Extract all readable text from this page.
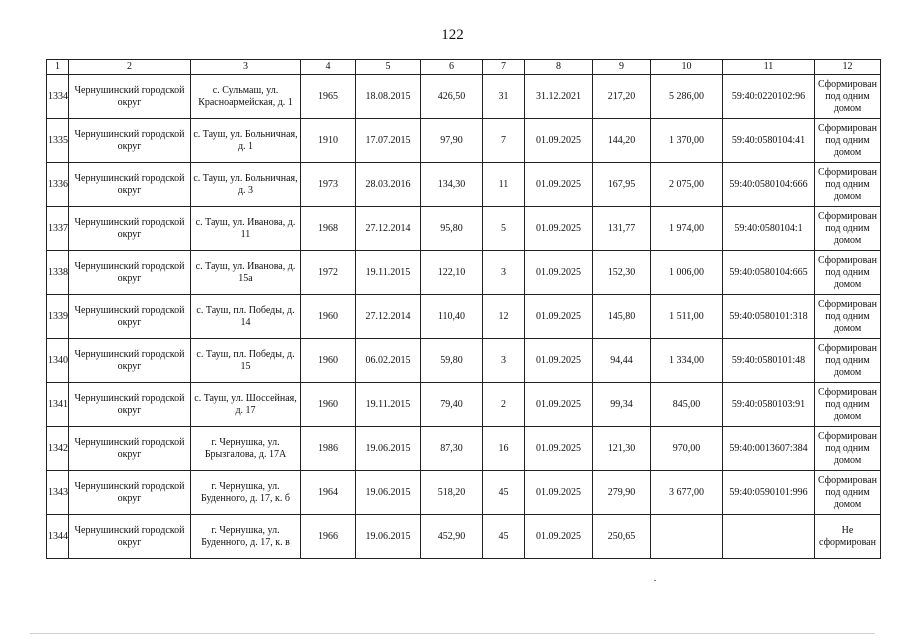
122
1	2	3	4	5	6	7	8	9	10	11	12
1334	Чернушинский городской округ	с. Сульмаш, ул. Красноармейская, д. 1	1965	18.08.2015	426,50	31	31.12.2021	217,20	5 286,00	59:40:0220102:96	Сформирован под одним домом
1335	Чернушинский городской округ	с. Тауш, ул. Больничная, д. 1	1910	17.07.2015	97,90	7	01.09.2025	144,20	1 370,00	59:40:0580104:41	Сформирован под одним домом
1336	Чернушинский городской округ	с. Тауш, ул. Больничная, д. 3	1973	28.03.2016	134,30	11	01.09.2025	167,95	2 075,00	59:40:0580104:666	Сформирован под одним домом
1337	Чернушинский городской округ	с. Тауш, ул. Иванова, д. 11	1968	27.12.2014	95,80	5	01.09.2025	131,77	1 974,00	59:40:0580104:1	Сформирован под одним домом
1338	Чернушинский городской округ	с. Тауш, ул. Иванова, д. 15а	1972	19.11.2015	122,10	3	01.09.2025	152,30	1 006,00	59:40:0580104:665	Сформирован под одним домом
1339	Чернушинский городской округ	с. Тауш, пл. Победы, д. 14	1960	27.12.2014	110,40	12	01.09.2025	145,80	1 511,00	59:40:0580101:318	Сформирован под одним домом
1340	Чернушинский городской округ	с. Тауш, пл. Победы, д. 15	1960	06.02.2015	59,80	3	01.09.2025	94,44	1 334,00	59:40:0580101:48	Сформирован под одним домом
1341	Чернушинский городской округ	с. Тауш, ул. Шоссейная, д. 17	1960	19.11.2015	79,40	2	01.09.2025	99,34	845,00	59:40:0580103:91	Сформирован под одним домом
1342	Чернушинский городской округ	г. Чернушка, ул. Брызгалова, д. 17А	1986	19.06.2015	87,30	16	01.09.2025	121,30	970,00	59:40:0013607:384	Сформирован под одним домом
1343	Чернушинский городской округ	г. Чернушка, ул. Буденного, д. 17, к. б	1964	19.06.2015	518,20	45	01.09.2025	279,90	3 677,00	59:40:0590101:996	Сформирован под одним домом
1344	Чернушинский городской округ	г. Чернушка, ул. Буденного, д. 17, к. в	1966	19.06.2015	452,90	45	01.09.2025	250,65			Не сформирован
